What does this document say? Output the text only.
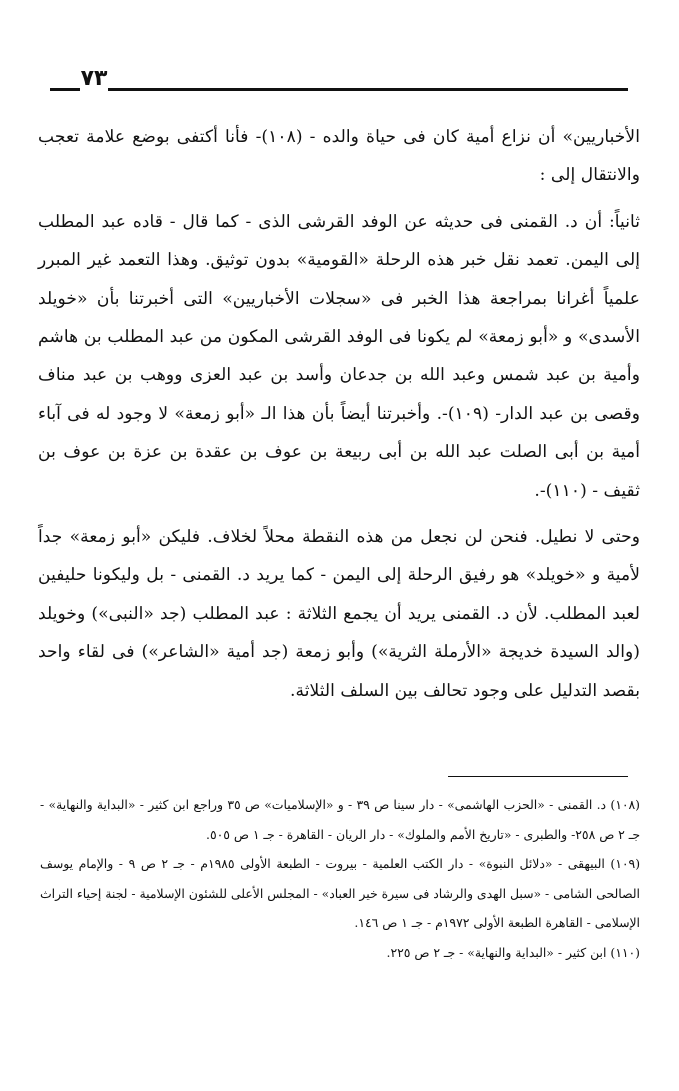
٧٣

الأخباريين» أن نزاع أمية كان فى حياة والده - (١٠٨)- فأنا أكتفى بوضع علامة تعجب والانتقال إلى :

ثانياً: أن د. القمنى فى حديثه عن الوفد القرشى الذى - كما قال - قاده عبد المطلب إلى اليمن. تعمد نقل خبر هذه الرحلة «القومية» بدون توثيق. وهذا التعمد غير المبرر علمياً أغرانا بمراجعة هذا الخبر فى «سجلات الأخباريين» التى أخبرتنا بأن «خويلد الأسدى» و «أبو زمعة» لم يكونا فى الوفد القرشى المكون من عبد المطلب بن هاشم وأمية بن عبد شمس وعبد الله بن جدعان وأسد بن عبد العزى ووهب بن عبد مناف وقصى بن عبد الدار- (١٠٩)-. وأخبرتنا أيضاً بأن هذا الـ «أبو زمعة» لا وجود له فى آباء أمية بن أبى الصلت عبد الله بن أبى ربيعة بن عوف بن عقدة بن عزة بن عوف بن ثقيف - (١١٠)-.

وحتى لا نطيل. فنحن لن نجعل من هذه النقطة محلاً لخلاف. فليكن «أبو زمعة» جداً لأمية و «خويلد» هو رفيق الرحلة إلى اليمن - كما يريد د. القمنى - بل وليكونا حليفين لعبد المطلب. لأن د. القمنى يريد أن يجمع الثلاثة : عبد المطلب (جد «النبى») وخويلد (والد السيدة خديجة «الأرملة الثرية») وأبو زمعة (جد أمية «الشاعر») فى لقاء واحد بقصد التدليل على وجود تحالف بين السلف الثلاثة.

(١٠٨) د. القمنى - «الحزب الهاشمى» - دار سينا ص ٣٩ - و «الإسلاميات» ص ٣٥ وراجع ابن كثير - «البداية والنهاية» - جـ ٢ ص ٢٥٨- والطبرى - «تاريخ الأمم والملوك» - دار الريان - القاهرة - جـ ١ ص ٥٠٥.

(١٠٩) البيهقى - «دلائل النبوة» - دار الكتب العلمية - بيروت - الطبعة الأولى ١٩٨٥م - جـ ٢ ص ٩ - والإمام يوسف الصالحى الشامى - «سبل الهدى والرشاد فى سيرة خير العباد» - المجلس الأعلى للشئون الإسلامية - لجنة إحياء التراث الإسلامى - القاهرة الطبعة الأولى ١٩٧٢م - جـ ١ ص ١٤٦.

(١١٠) ابن كثير - «البداية والنهاية» - جـ ٢ ص ٢٢٥.
